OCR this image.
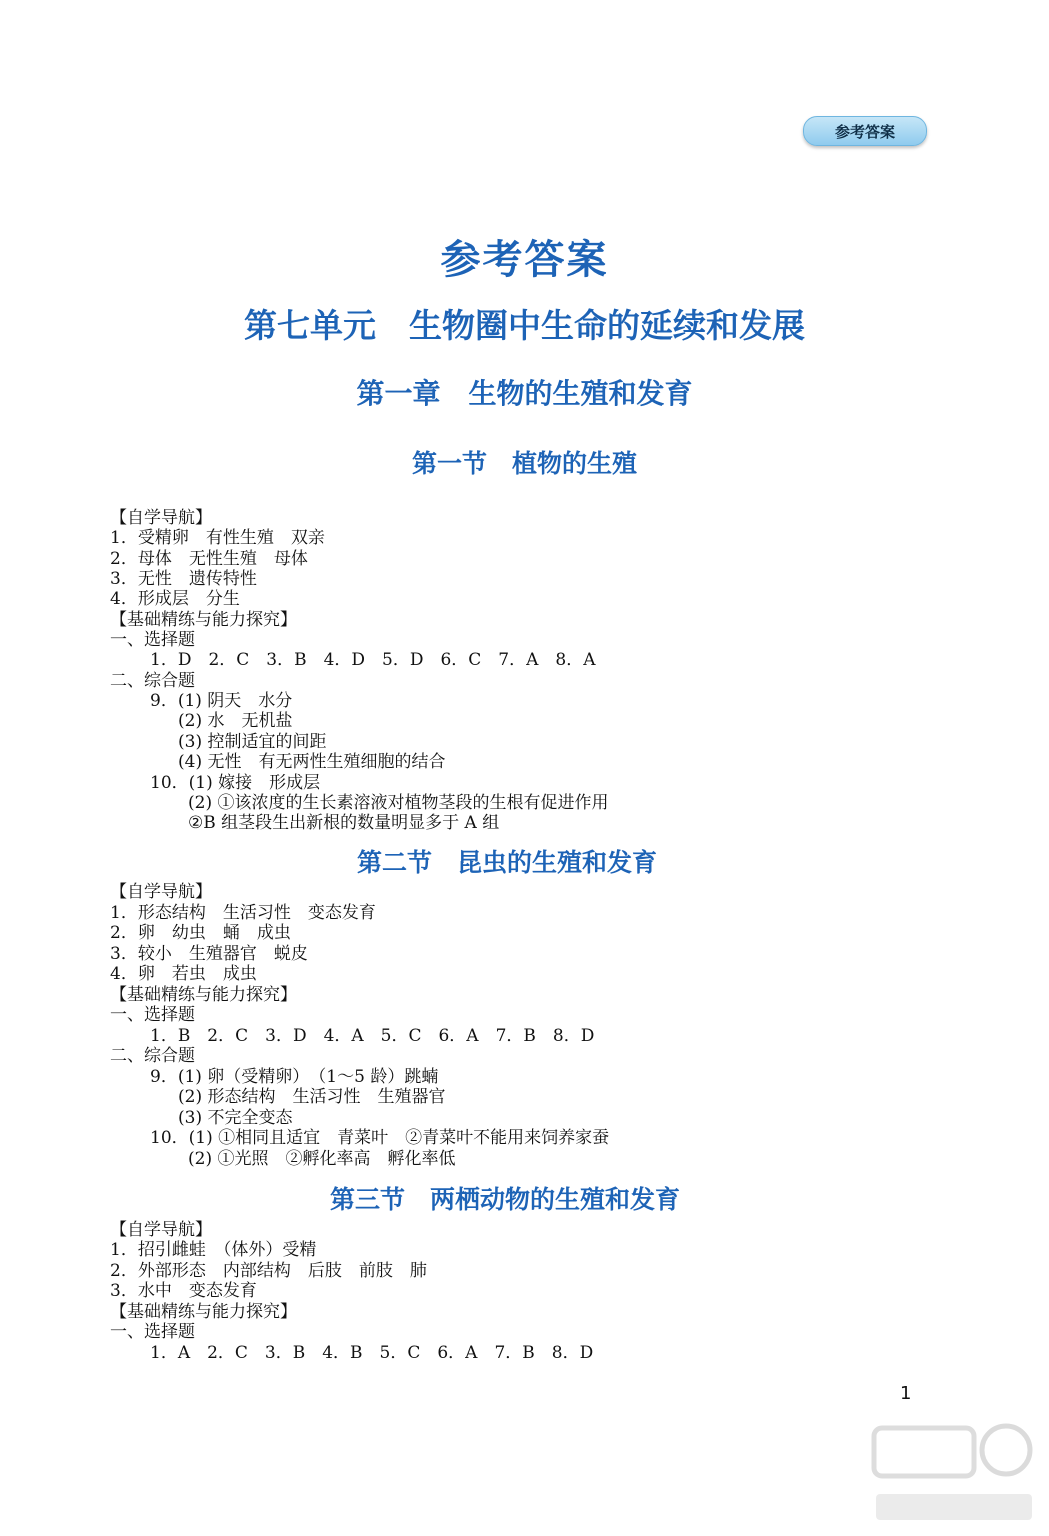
参考答案
参考答案
第七单元　生物圈中生命的延续和发展
第一章　生物的生殖和发育
第一节　植物的生殖
【自学导航】
1．受精卵　有性生殖　双亲
2．母体　无性生殖　母体
3．无性　遗传特性
4．形成层　分生
【基础精练与能力探究】
一、选择题
1．D　2．C　3．B　4．D　5．D　6．C　7．A　8．A
二、综合题
9．(1) 阴天　水分
(2) 水　无机盐
(3) 控制适宜的间距
(4) 无性　有无两性生殖细胞的结合
10．(1) 嫁接　形成层
(2) ①该浓度的生长素溶液对植物茎段的生根有促进作用
②B 组茎段生出新根的数量明显多于 A 组
第二节　昆虫的生殖和发育
【自学导航】
1．形态结构　生活习性　变态发育
2．卵　幼虫　蛹　成虫
3．较小　生殖器官　蜕皮
4．卵　若虫　成虫
【基础精练与能力探究】
一、选择题
1．B　2．C　3．D　4．A　5．C　6．A　7．B　8．D
二、综合题
9．(1) 卵（受精卵）　（1～5 龄）跳蝻
(2) 形态结构　生活习性　生殖器官
(3) 不完全变态
10．(1) ①相同且适宜　青菜叶　②青菜叶不能用来饲养家蚕
(2) ①光照　②孵化率高　孵化率低
第三节　两栖动物的生殖和发育
【自学导航】
1．招引雌蛙　（体外）受精
2．外部形态　内部结构　后肢　前肢　肺
3．水中　变态发育
【基础精练与能力探究】
一、选择题
1．A　2．C　3．B　4．B　5．C　6．A　7．B　8．D
1
